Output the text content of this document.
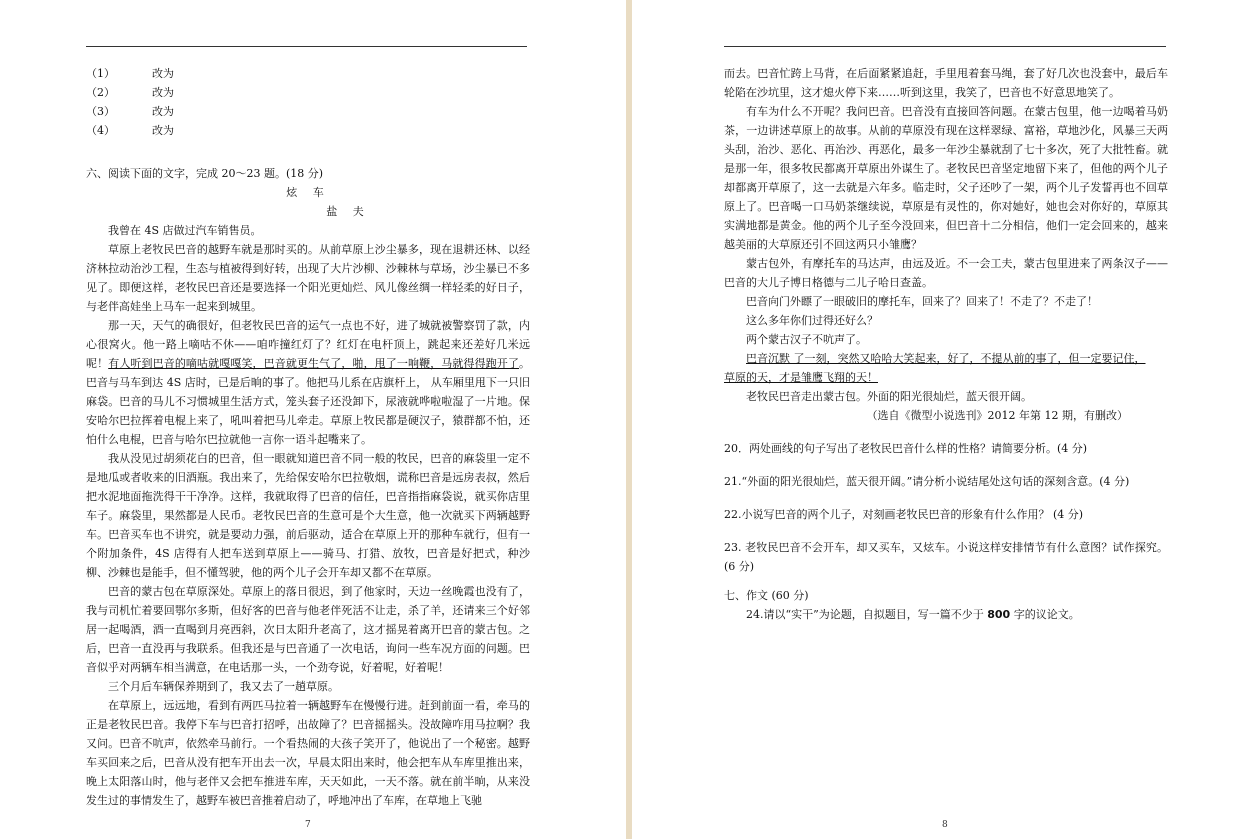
（1）	改为
（2）	改为
（3）	改为
（4）	改为

六、阅读下面的文字，完成 20～23 题。(18 分)

炫 车

盐 夫

我曾在 4S 店做过汽车销售员。

草原上老牧民巴音的越野车就是那时买的。从前草原上沙尘暴多，现在退耕还林、以经济林拉动治沙工程，生态与植被得到好转，出现了大片沙柳、沙棘林与草场，沙尘暴已不多见了。即便这样，老牧民巴音还是要选择一个阳光更灿烂、风儿像丝绸一样轻柔的好日子，与老伴高娃坐上马车一起来到城里。

那一天，天气的确很好，但老牧民巴音的运气一点也不好，进了城就被警察罚了款，内心很窝火。他一路上嘀咕不休——咱咋撞红灯了？红灯在电杆顶上，跳起来还差好几米远呢！有人听到巴音的嘀咕就嘎嘎笑，巴音就更生气了，啪，甩了一响鞭，马就得得跑开了。巴音与马车到达 4S 店时，已是后晌的事了。他把马儿系在店旗杆上， 从车厢里甩下一只旧麻袋。巴音的马儿不习惯城里生活方式，笼头套子还没卸下，尿液就哗啦啦湿了一片地。保安哈尔巴拉挥着电棍上来了，吼叫着把马儿牵走。草原上牧民都是硬汉子，猿群都不怕，还怕什么电棍，巴音与哈尔巴拉就他一言你一语斗起嘴来了。

我从没见过胡须花白的巴音，但一眼就知道巴音不同一般的牧民，巴音的麻袋里一定不是地瓜或者收来的旧酒瓶。我出来了，先给保安哈尔巴拉敬烟，谎称巴音是远房表叔，然后把水泥地面拖洗得干干净净。这样，我就取得了巴音的信任，巴音指指麻袋说，就买你店里车子。麻袋里，果然都是人民币。老牧民巴音的生意可是个大生意，他一次就买下两辆越野车。巴音买车也不讲究，就是要动力强，前后驱动，适合在草原上开的那种车就行，但有一个附加条件，4S 店得有人把车送到草原上——骑马、打猎、放牧，巴音是好把式，种沙柳、沙棘也是能手，但不懂驾驶，他的两个儿子会开车却又都不在草原。

巴音的蒙古包在草原深处。草原上的落日很迟，到了他家时，天边一丝晚霞也没有了，我与司机忙着要回鄂尔多斯，但好客的巴音与他老伴死活不让走，杀了羊，还请来三个好邻居一起喝酒，酒一直喝到月亮西斜，次日太阳升老高了，这才摇晃着离开巴音的蒙古包。之后，巴音一直没再与我联系。但我还是与巴音通了一次电话，询问一些车况方面的问题。巴音似乎对两辆车相当满意，在电话那一头，一个劲夸说，好着呢，好着呢！

三个月后车辆保养期到了，我又去了一趟草原。

在草原上，远远地，看到有两匹马拉着一辆越野车在慢慢行进。赶到前面一看，牵马的正是老牧民巴音。我停下车与巴音打招呼，出故障了？巴音摇摇头。没故障咋用马拉啊？我又问。巴音不吭声，依然牵马前行。一个看热闹的大孩子笑开了，他说出了一个秘密。越野车买回来之后，巴音从没有把车开出去一次，早晨太阳出来时，他会把车从车库里推出来，晚上太阳落山时，他与老伴又会把车推进车库，天天如此，一天不落。就在前半晌，从来没发生过的事情发生了，越野车被巴音推着启动了，呼地冲出了车库，在草地上飞驰

7

而去。巴音忙跨上马背，在后面紧紧追赶，手里甩着套马绳，套了好几次也没套中，最后车轮陷在沙坑里，这才熄火停下来……听到这里，我笑了，巴音也不好意思地笑了。

有车为什么不开呢？我问巴音。巴音没有直接回答问题。在蒙古包里，他一边喝着马奶茶，一边讲述草原上的故事。从前的草原没有现在这样翠绿、富裕，草地沙化，风暴三天两头刮，治沙、恶化、再治沙、再恶化，最多一年沙尘暴就刮了七十多次，死了大批牲畜。就是那一年，很多牧民都离开草原出外谋生了。老牧民巴音坚定地留下来了，但他的两个儿子却都离开草原了，这一去就是六年多。临走时，父子还吵了一架，两个儿子发誓再也不回草原上了。巴音喝一口马奶茶继续说，草原是有灵性的，你对她好，她也会对你好的，草原其实满地都是黄金。他的两个儿子至今没回来，但巴音十二分相信，他们一定会回来的，越来越美丽的大草原还引不回这两只小雏鹰？

蒙古包外，有摩托车的马达声，由远及近。不一会工夫，蒙古包里进来了两条汉子——巴音的大儿子博日格德与二儿子哈日查盖。

巴音向门外瞟了一眼破旧的摩托车，回来了？回来了！不走了？不走了！

这么多年你们过得还好么？

两个蒙古汉子不吭声了。

巴音沉默 了一刻，突然又哈哈大笑起来，好了，不提从前的事了，但一定要记住，

草原的天，才是雏鹰飞翔的天！

老牧民巴音走出蒙古包。外面的阳光很灿烂，蓝天很开阔。

（选自《微型小说选刊》2012 年第 12 期，有删改）

20．两处画线的句子写出了老牧民巴音什么样的性格？请简要分析。(4 分)

21.“外面的阳光很灿烂，蓝天很开阔。”请分析小说结尾处这句话的深刻含意。(4 分)

22.小说写巴音的两个儿子，对刻画老牧民巴音的形象有什么作用？ (4 分)

23. 老牧民巴音不会开车，却又买车，又炫车。小说这样安排情节有什么意图？试作探究。(6 分)

七、作文 (60 分)

24.请以“实干”为论题，自拟题目，写一篇不少于 800 字的议论文。

8
